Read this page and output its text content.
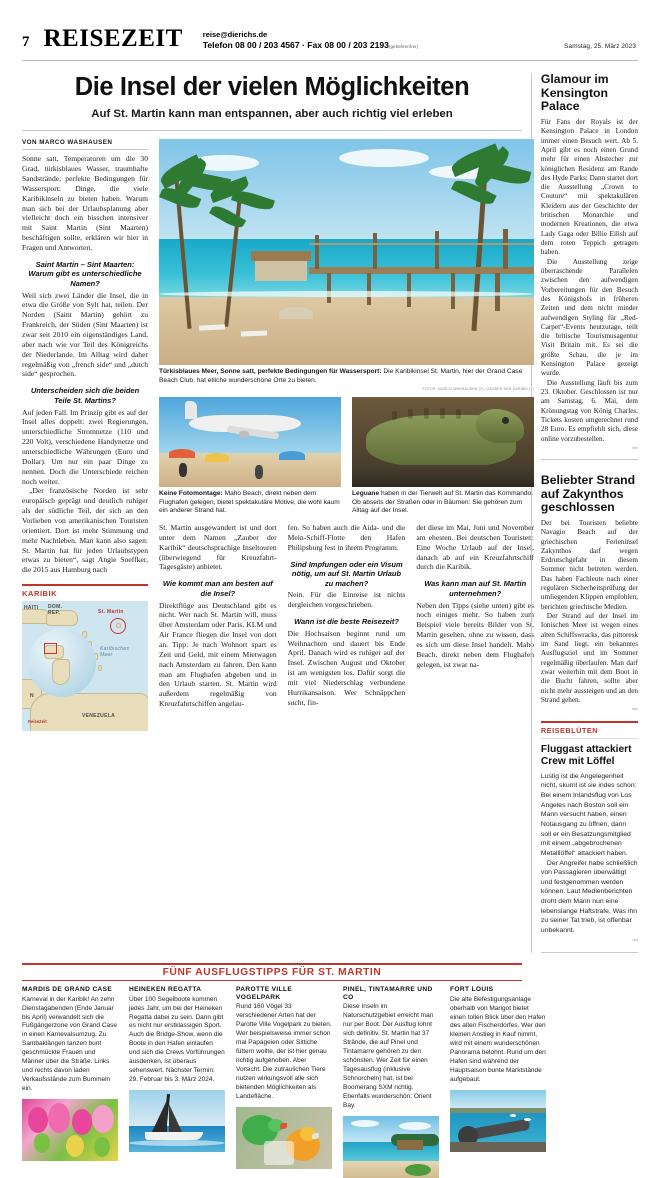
7 REISEZEIT	reise@dierichs.de
Telefon 08 00 / 203 4567 · Fax 08 00 / 203 2193(gebührenfrei)	Samstag, 25. März 2023
Die Insel der vielen Möglichkeiten
Auf St. Martin kann man entspannen, aber auch richtig viel erleben
VON MARCO WASHAUSEN

Sonne satt, Temperaturen um die 30 Grad, türkisblaues Wasser, traumhafte Sandstrände, perfekte Bedingungen für Wassersport: Dinge, die viele Karibikinseln zu bieten haben. Warum man sich bei der Urlaubsplanung aber vielleicht doch ein bisschen intensiver mit Saint Martin (Sint Maarten) beschäftigen sollte, erklären wir hier in Fragen und Antworten.

Saint Martin – Sint Maarten: Warum gibt es unterschiedliche Namen?

Weil sich zwei Länder die Insel, die in etwa die Größe von Sylt hat, teilen. Der Norden (Saint Martin) gehört zu Frankreich, der Süden (Sint Maarten) ist zwar seit 2010 ein eigenständiges Land, aber nach wie vor Teil des Königreichs der Niederlande. Im Alltag wird daher regelmäßig von „french side“ und „dutch side“ gesprochen.

Unterscheiden sich die beiden Teile St. Martins?

Auf jeden Fall. Im Prinzip gibt es auf der Insel alles doppelt: zwei Regierungen, unterschiedliche Stromnetze (110 und 220 Volt), verschiedene Handynetze und unterschiedliche Währungen (Euro und Dollar). Um nur ein paar Dinge zu nennen. Doch die Unterschiede reichen noch weiter.

„Der französische Norden ist sehr europäisch geprägt und deutlich ruhiger als der südliche Teil, der sich an den Vorlieben von amerikanischen Touristen orientiert. Dort ist mehr Stimmung und mehr Nachtleben. Man kann also sagen: St. Martin hat für jeden Urlaubstypen etwas zu bieten“, sagt Angie Soeffker, die 2015 aus Hamburg nach

KARIBIK
HAITI DOM. REP.	St. Martin
Karibisches Meer
VENEZUELA
N
ReiseZeit
Türkisblaues Meer, Sonne satt, perfekte Bedingungen für Wassersport: Die Karibikinsel St. Martin, hier der Grand Case Beach Club, hat etliche wunderschöne Orte zu bieten.
FOTOS: MARCO WASHAUSEN (7) / ZAUBER DER KARIBIK (1)
Keine Fotomontage: Maho Beach, direkt neben dem Flughafen gelegen, bietet spektakuläre Motive, die wohl kaum ein anderer Strand hat.
Leguane haben in der Tierwelt auf St. Martin das Kommando. Ob abseits der Straßen oder in Bäumen: Sie gehören zum Alltag auf der Insel.

St. Martin ausgewandert ist und dort unter dem Namen „Zauber der Karibik“ deutschsprachige Inseltouren (überwiegend für Kreuzfahrt-Tagesgäste) anbietet.

Wie kommt man am besten auf die Insel?

Direktflüge aus Deutschland gibt es nicht. Wer nach St. Martin will, muss über Amsterdam oder Paris. KLM und Air France fliegen die Insel von dort an. Tipp: Je nach Wohnort spart es Zeit und Geld, mit einem Mietwagen nach Amsterdam zu fahren. Den kann man am Flughafen abgeben und in den Urlaub starten. St. Martin wird außerdem regelmäßig von Kreuzfahrtschiffen angelau-

fen. So haben auch die Aida- und die Mein-Schiff-Flotte den Hafen Philipsburg fest in ihrem Programm.

Sind Impfungen oder ein Visum nötig, um auf St. Martin Urlaub zu machen?

Nein. Für die Einreise ist nichts dergleichen vorgeschrieben.

Wann ist die beste Reisezeit?

Die Hochsaison beginnt rund um Weihnachten und dauert bis Ende April. Danach wird es ruhiger auf der Insel. Zwischen August und Oktober ist am wenigsten los. Dafür sorgt die mit viel Niederschlag verbundene Hurrikansaison. Wer Schnäppchen sucht, fin-

det diese im Mai, Juni und November am ehesten. Bei deutschen Touristen: Eine Woche Urlaub auf der Insel, danach ab auf ein Kreuzfahrtschiff durch die Karibik.

Was kann man auf St. Martin unternehmen?

Neben den Tipps (siehe unten) gibt es noch einiges mehr. So haben zum Beispiel viele bereits Bilder von St. Martin gesehen, ohne zu wissen, dass es sich um diese Insel handelt. Maho Beach, direkt neben dem Flughafen gelegen, ist zwar na-

Glamour im Kensington Palace

Für Fans der Royals ist der Kensington Palace in London immer einen Besuch wert. Ab 5. April gibt es noch einen Grund mehr für einen Abstecher zur königlichen Residenz am Rande des Hyde Parks: Dann startet dort die Ausstellung „Crown to Couture“ mit spektakulären Kleidern aus der Geschichte der britischen Monarchie und modernen Kreationen, die etwa Lady Gaga oder Billie Eilish auf dem roten Teppich getragen haben.

Die Ausstellung zeige überraschende Parallelen zwischen den aufwendigen Vorbereitungen für den Besuch des Königshofs in früheren Zeiten und dem nicht minder aufwendigen Styling für „Red-Carpet“-Events heutzutage, teilt die britische Tourismusagentur Visit Britain mit. Es sei die größte Schau, die je im Kensington Palace gezeigt wurde.

Die Ausstellung läuft bis zum 23. Oktober. Geschlossen ist nur am Samstag, 6. Mai, dem Krönungstag von König Charles. Tickets kosten umgerechnet rund 28 Euro. Es empfiehlt sich, diese online vorzubestellen.

tmn
Beliebter Strand auf Zakynthos geschlossen

Der bei Touristen beliebte Navagio Beach auf der griechischen Ferieninsel Zakynthos darf wegen Erdrutschgefahr in diesem Sommer nicht betreten werden. Das haben Fachleute nach einer regulären Sicherheitsprüfung der umliegenden Klippen empfohlen, berichten griechische Medien.

Der Strand auf der Insel im Ionischen Meer ist wegen eines alten Schiffswracks, das pittoresk im Sand liegt, ein bekanntes Ausflugsziel und im Sommer regelmäßig überlaufen. Man darf zwar weiterhin mit dem Boot in die Bucht fahren, sollte aber nicht mehr aussteigen und an den Strand gehen.

tmn
REISEBLÜTEN
Fluggast attackiert Crew mit Löffel

Lustig ist die Angelegenheit nicht, skurril ist sie indes schon: Bei einem Inlandsflug von Los Angeles nach Boston soll ein Mann versucht haben, einen Notausgang zu öffnen, dann soll er ein Besatzungsmitglied mit einem „abgebrochenen Metalllöffel“ attackiert haben.

Der Angreifer habe schließlich von Passagieren überwältigt und festgenommen werden können. Laut Medienberichten droht dem Mann nun eine lebenslange Haftstrafe. Was ihn zu seiner Tat trieb, ist offenbar unbekannt.

red
FÜNF AUSFLUGSTIPPS FÜR ST. MARTIN
MARDIS DE GRAND CASE

Karneval in der Karibik! An zehn Dienstagabenden (Ende Januar bis April) verwandelt sich die Fußgängerzone von Grand Case in einen Karnevalsumzug. Zu Sambaklängen tanzen bunt geschmückte Frauen und Männer über die Straße. Links und rechts davon laden Verkaufsstände zum Bummeln ein.

HEINEKEN REGATTA

Über 100 Segelboote kommen jedes Jahr, um bei der Heineken Regatta dabei zu sein. Dann gibt es nicht nur erstklassigen Sport. Auch die Bridge-Show, wenn die Boote in den Hafen einlaufen und sich die Crews Vorführungen ausdenken, ist überaus sehenswert. Nächster Termin: 29. Februar bis 3. März 2024.

PAROTTE VILLE VOGELPARK

Rund 160 Vögel 33 verschiedener Arten hat der Parotte Ville Vogelpark zu bieten. Wer beispielsweise immer schon mal Papageien oder Sittiche füttern wollte, der ist hier genau richtig aufgehoben. Aber Vorsicht: Die zutraulichen Tiere nutzen wirkungsvoll alle sich bietenden Möglichkeiten als Landefläche.

PINEL, TINTAMARRE UND CO

Diese Inseln im Naturschutzgebiet erreicht man nur per Boot. Der Ausflug lohnt sich definitiv. St. Martin hat 37 Strände, die auf Pinel und Tintamarre gehören zu den schönsten. Wer Zeit für einen Tagesausflug (inklusive Schnorcheln) hat, ist bei Boomerang SXM richtig. Ebenfalls wunderschön: Orient Bay.

FORT LOUIS

Die alte Befestigungsanlage oberhalb von Marigot bietet einen tollen Blick über den Hafen des alten Fischerdorfes. Wer den kleinen Anstieg in Kauf nimmt, wird mit einem wunderschönen Panorama belohnt. Rund um den Hafen sind während der Hauptsaison bunte Marktstände aufgebaut.
